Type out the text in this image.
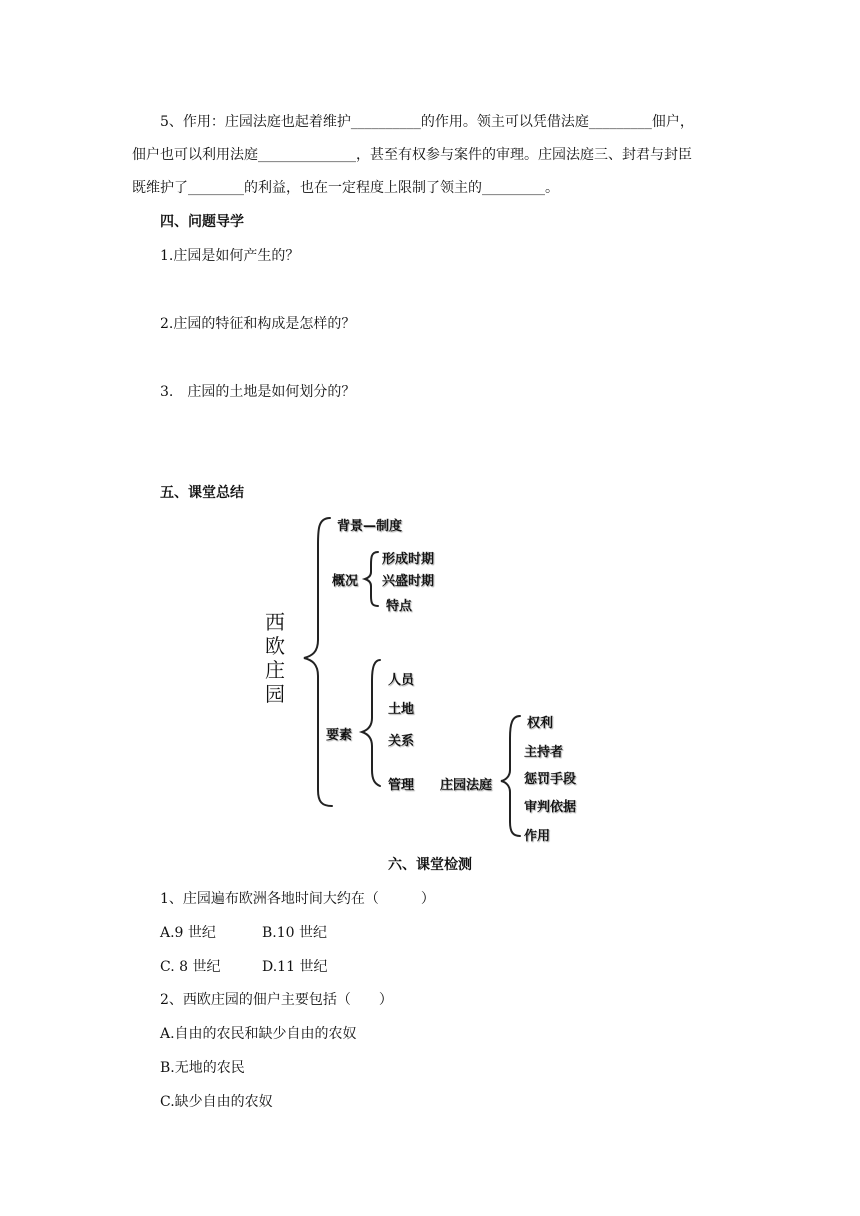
5、作用：庄园法庭也起着维护__________的作用。领主可以凭借法庭_________佃户，
佃户也可以利用法庭______________，甚至有权参与案件的审理。庄园法庭三、封君与封臣
既维护了________的利益，也在一定程度上限制了领主的_________。
四、问题导学
1.庄园是如何产生的？
2.庄园的特征和构成是怎样的？
3.　庄园的土地是如何划分的？
五、课堂总结
西欧庄园
背景—制度
概况
形成时期
兴盛时期
特点
要素
人员
土地
关系
管理 庄园法庭
权利
主持者
惩罚手段
审判依据
作用
六、课堂检测
1、庄园遍布欧洲各地时间大约在（　　　）
A.9 世纪	B.10 世纪
C. 8 世纪	D.11 世纪
2、西欧庄园的佃户主要包括（　　）
A.自由的农民和缺少自由的农奴
B.无地的农民
C.缺少自由的农奴
